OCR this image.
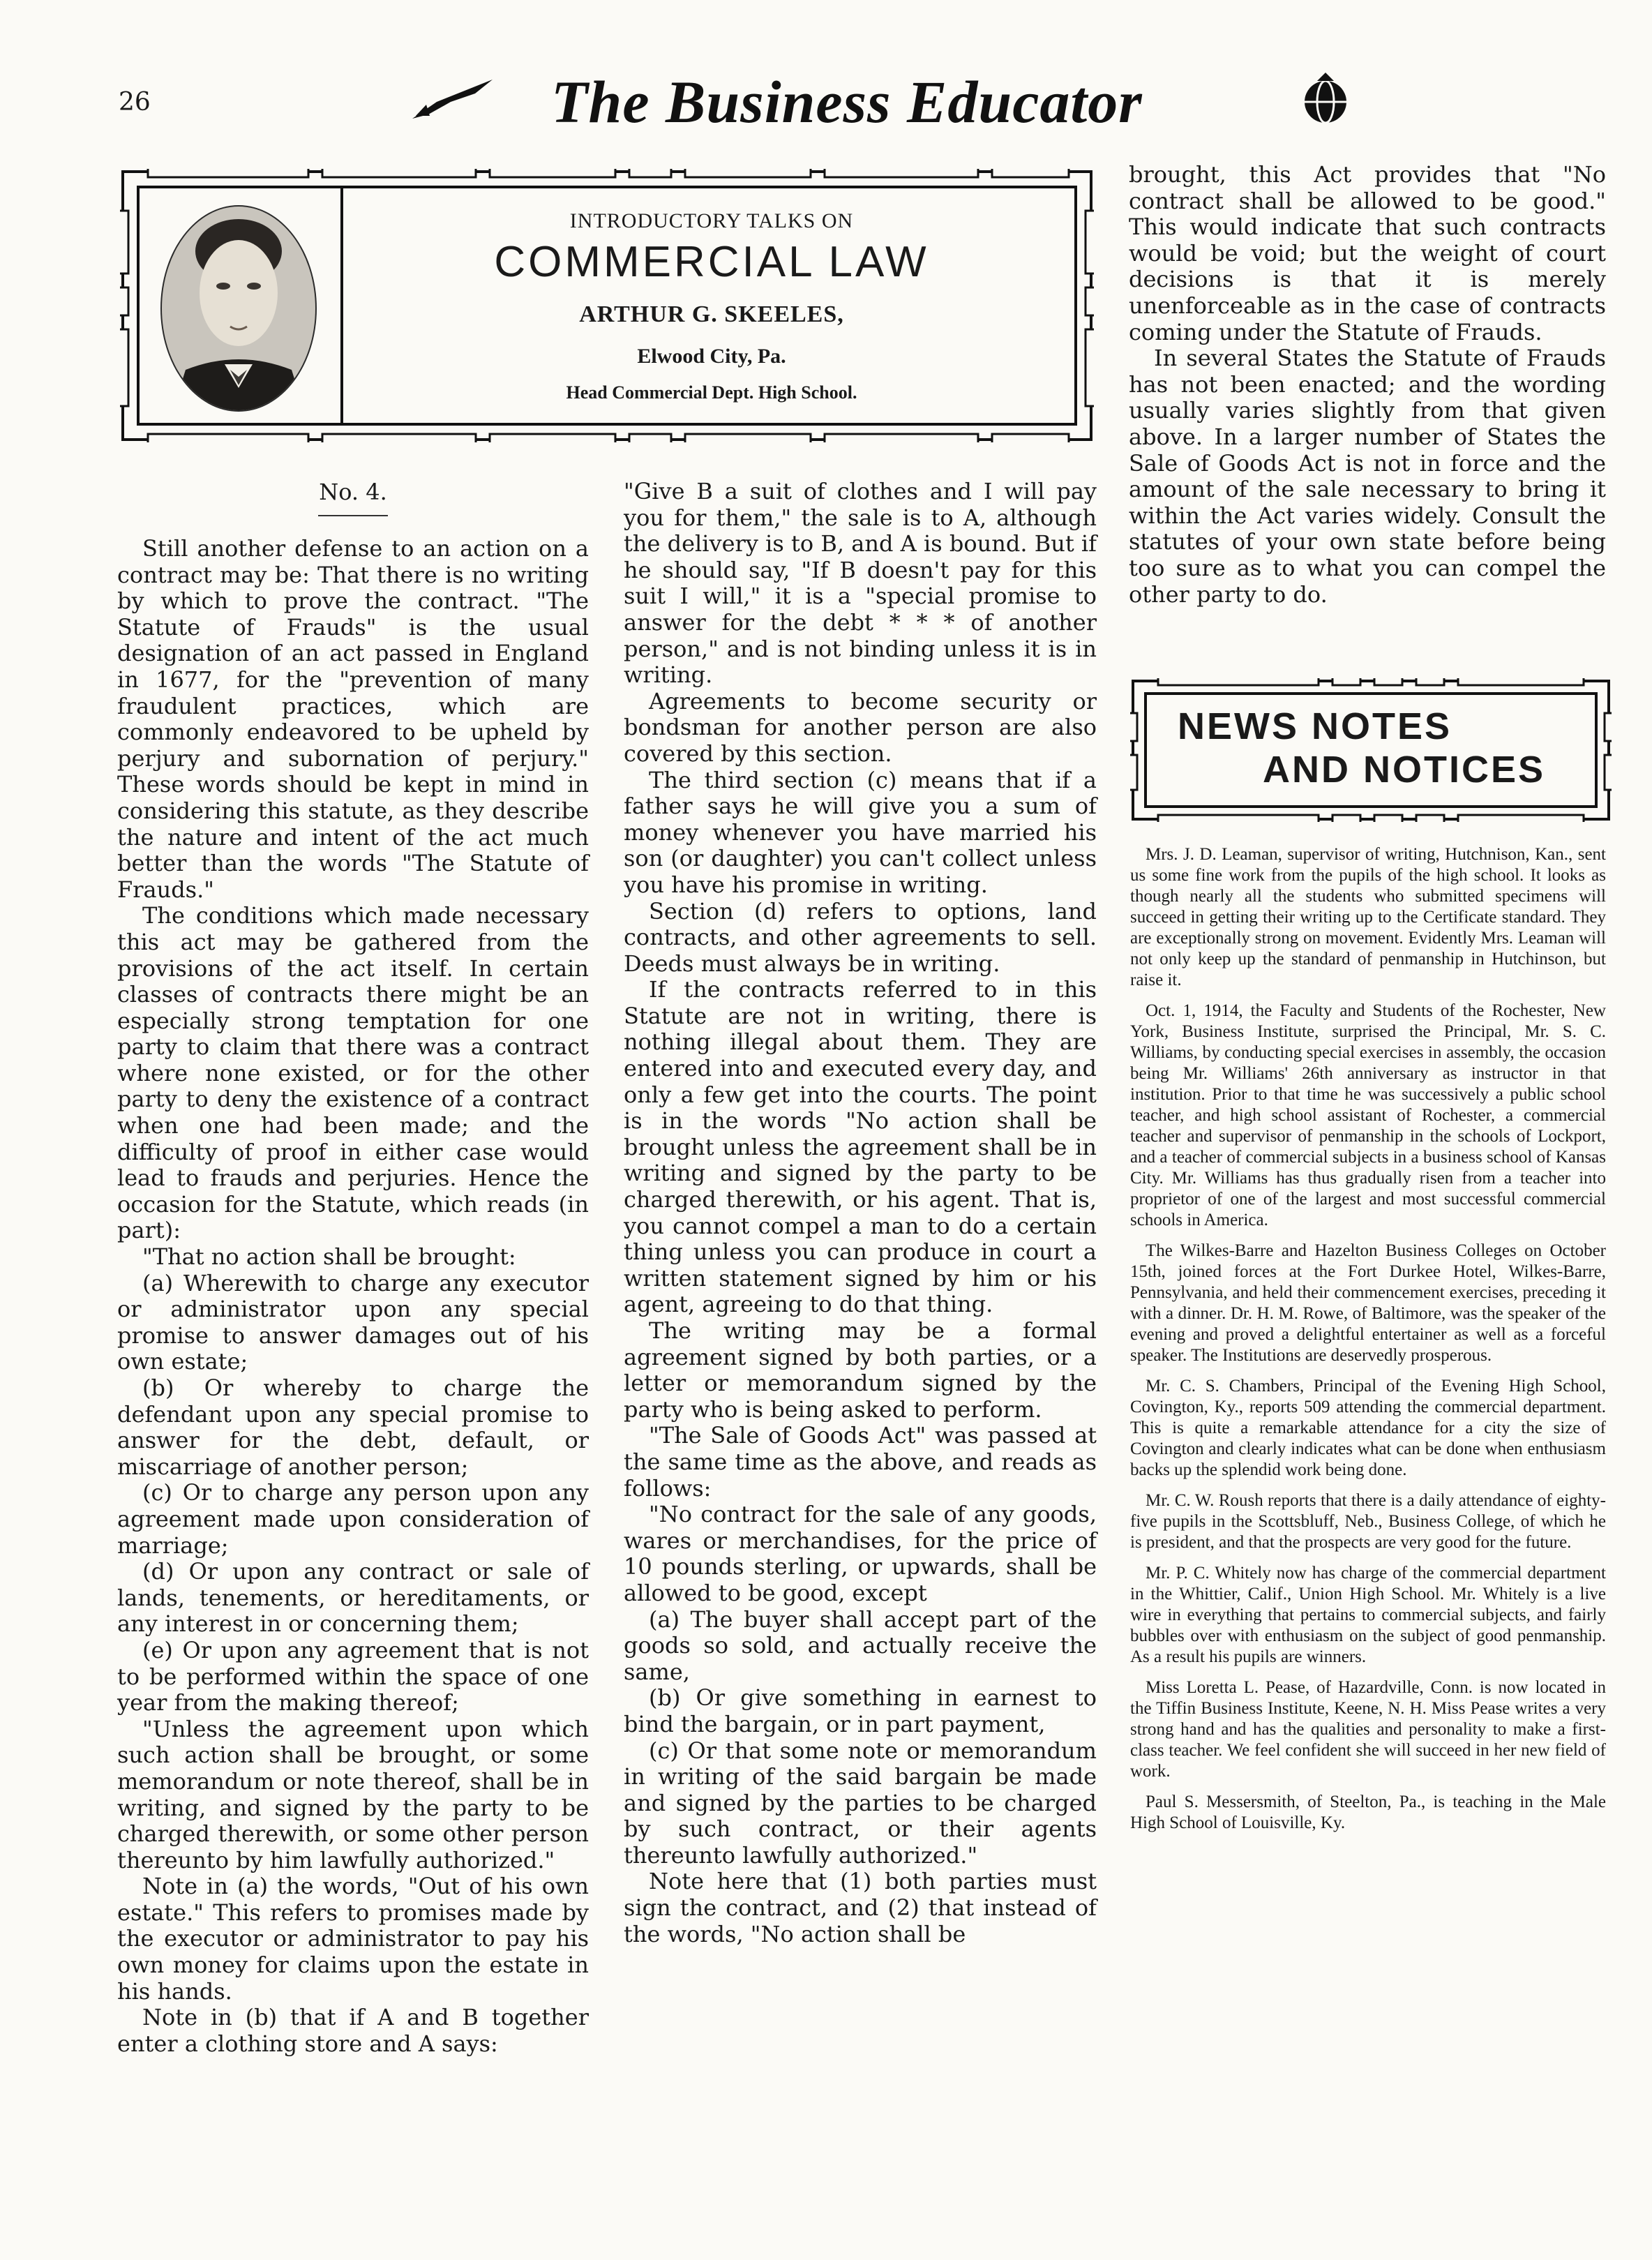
26	The Business Educator
INTRODUCTORY TALKS ON
COMMERCIAL LAW
ARTHUR G. SKEELES,
Elwood City, Pa.
Head Commercial Dept. High School.
No. 4.

Still another defense to an action on a contract may be: That there is no writing by which to prove the contract. "The Statute of Frauds" is the usual designation of an act passed in England in 1677, for the "prevention of many fraudulent practices, which are commonly endeavored to be upheld by perjury and subornation of perjury." These words should be kept in mind in considering this statute, as they describe the nature and intent of the act much better than the words "The Statute of Frauds."

The conditions which made necessary this act may be gathered from the provisions of the act itself. In certain classes of contracts there might be an especially strong temptation for one party to claim that there was a contract where none existed, or for the other party to deny the existence of a contract when one had been made; and the difficulty of proof in either case would lead to frauds and perjuries. Hence the occasion for the Statute, which reads (in part):

"That no action shall be brought:

(a) Wherewith to charge any executor or administrator upon any special promise to answer damages out of his own estate;

(b) Or whereby to charge the defendant upon any special promise to answer for the debt, default, or miscarriage of another person;

(c) Or to charge any person upon any agreement made upon consideration of marriage;

(d) Or upon any contract or sale of lands, tenements, or hereditaments, or any interest in or concerning them;

(e) Or upon any agreement that is not to be performed within the space of one year from the making thereof;

"Unless the agreement upon which such action shall be brought, or some memorandum or note thereof, shall be in writing, and signed by the party to be charged therewith, or some other person thereunto by him lawfully authorized."

Note in (a) the words, "Out of his own estate." This refers to promises made by the executor or administrator to pay his own money for claims upon the estate in his hands.

Note in (b) that if A and B together enter a clothing store and A says:

"Give B a suit of clothes and I will pay you for them," the sale is to A, although the delivery is to B, and A is bound. But if he should say, "If B doesn't pay for this suit I will," it is a "special promise to answer for the debt * * * of another person," and is not binding unless it is in writing.

Agreements to become security or bondsman for another person are also covered by this section.

The third section (c) means that if a father says he will give you a sum of money whenever you have married his son (or daughter) you can't collect unless you have his promise in writing.

Section (d) refers to options, land contracts, and other agreements to sell. Deeds must always be in writing.

If the contracts referred to in this Statute are not in writing, there is nothing illegal about them. They are entered into and executed every day, and only a few get into the courts. The point is in the words "No action shall be brought unless the agreement shall be in writing and signed by the party to be charged therewith, or his agent. That is, you cannot compel a man to do a certain thing unless you can produce in court a written statement signed by him or his agent, agreeing to do that thing.

The writing may be a formal agreement signed by both parties, or a letter or memorandum signed by the party who is being asked to perform.

"The Sale of Goods Act" was passed at the same time as the above, and reads as follows:

"No contract for the sale of any goods, wares or merchandises, for the price of 10 pounds sterling, or upwards, shall be allowed to be good, except

(a) The buyer shall accept part of the goods so sold, and actually receive the same,

(b) Or give something in earnest to bind the bargain, or in part payment,

(c) Or that some note or memorandum in writing of the said bargain be made and signed by the parties to be charged by such contract, or their agents thereunto lawfully authorized."

Note here that (1) both parties must sign the contract, and (2) that instead of the words, "No action shall be

brought, this Act provides that "No contract shall be allowed to be good." This would indicate that such contracts would be void; but the weight of court decisions is that it is merely unenforceable as in the case of contracts coming under the Statute of Frauds.

In several States the Statute of Frauds has not been enacted; and the wording usually varies slightly from that given above. In a larger number of States the Sale of Goods Act is not in force and the amount of the sale necessary to bring it within the Act varies widely. Consult the statutes of your own state before being too sure as to what you can compel the other party to do.

NEWS NOTES
AND NOTICES

Mrs. J. D. Leaman, supervisor of writing, Hutchnison, Kan., sent us some fine work from the pupils of the high school. It looks as though nearly all the students who submitted specimens will succeed in getting their writing up to the Certificate standard. They are exceptionally strong on movement. Evidently Mrs. Leaman will not only keep up the standard of penmanship in Hutchinson, but raise it.

Oct. 1, 1914, the Faculty and Students of the Rochester, New York, Business Institute, surprised the Principal, Mr. S. C. Williams, by conducting special exercises in assembly, the occasion being Mr. Williams' 26th anniversary as instructor in that institution. Prior to that time he was successively a public school teacher, and high school assistant of Rochester, a commercial teacher and supervisor of penmanship in the schools of Lockport, and a teacher of commercial subjects in a business school of Kansas City. Mr. Williams has thus gradually risen from a teacher into proprietor of one of the largest and most successful commercial schools in America.

The Wilkes-Barre and Hazelton Business Colleges on October 15th, joined forces at the Fort Durkee Hotel, Wilkes-Barre, Pennsylvania, and held their commencement exercises, preceding it with a dinner. Dr. H. M. Rowe, of Baltimore, was the speaker of the evening and proved a delightful entertainer as well as a forceful speaker. The Institutions are deservedly prosperous.

Mr. C. S. Chambers, Principal of the Evening High School, Covington, Ky., reports 509 attending the commercial department. This is quite a remarkable attendance for a city the size of Covington and clearly indicates what can be done when enthusiasm backs up the splendid work being done.

Mr. C. W. Roush reports that there is a daily attendance of eighty-five pupils in the Scottsbluff, Neb., Business College, of which he is president, and that the prospects are very good for the future.

Mr. P. C. Whitely now has charge of the commercial department in the Whittier, Calif., Union High School. Mr. Whitely is a live wire in everything that pertains to commercial subjects, and fairly bubbles over with enthusiasm on the subject of good penmanship. As a result his pupils are winners.

Miss Loretta L. Pease, of Hazardville, Conn. is now located in the Tiffin Business Institute, Keene, N. H. Miss Pease writes a very strong hand and has the qualities and personality to make a first-class teacher. We feel confident she will succeed in her new field of work.

Paul S. Messersmith, of Steelton, Pa., is teaching in the Male High School of Louisville, Ky.
